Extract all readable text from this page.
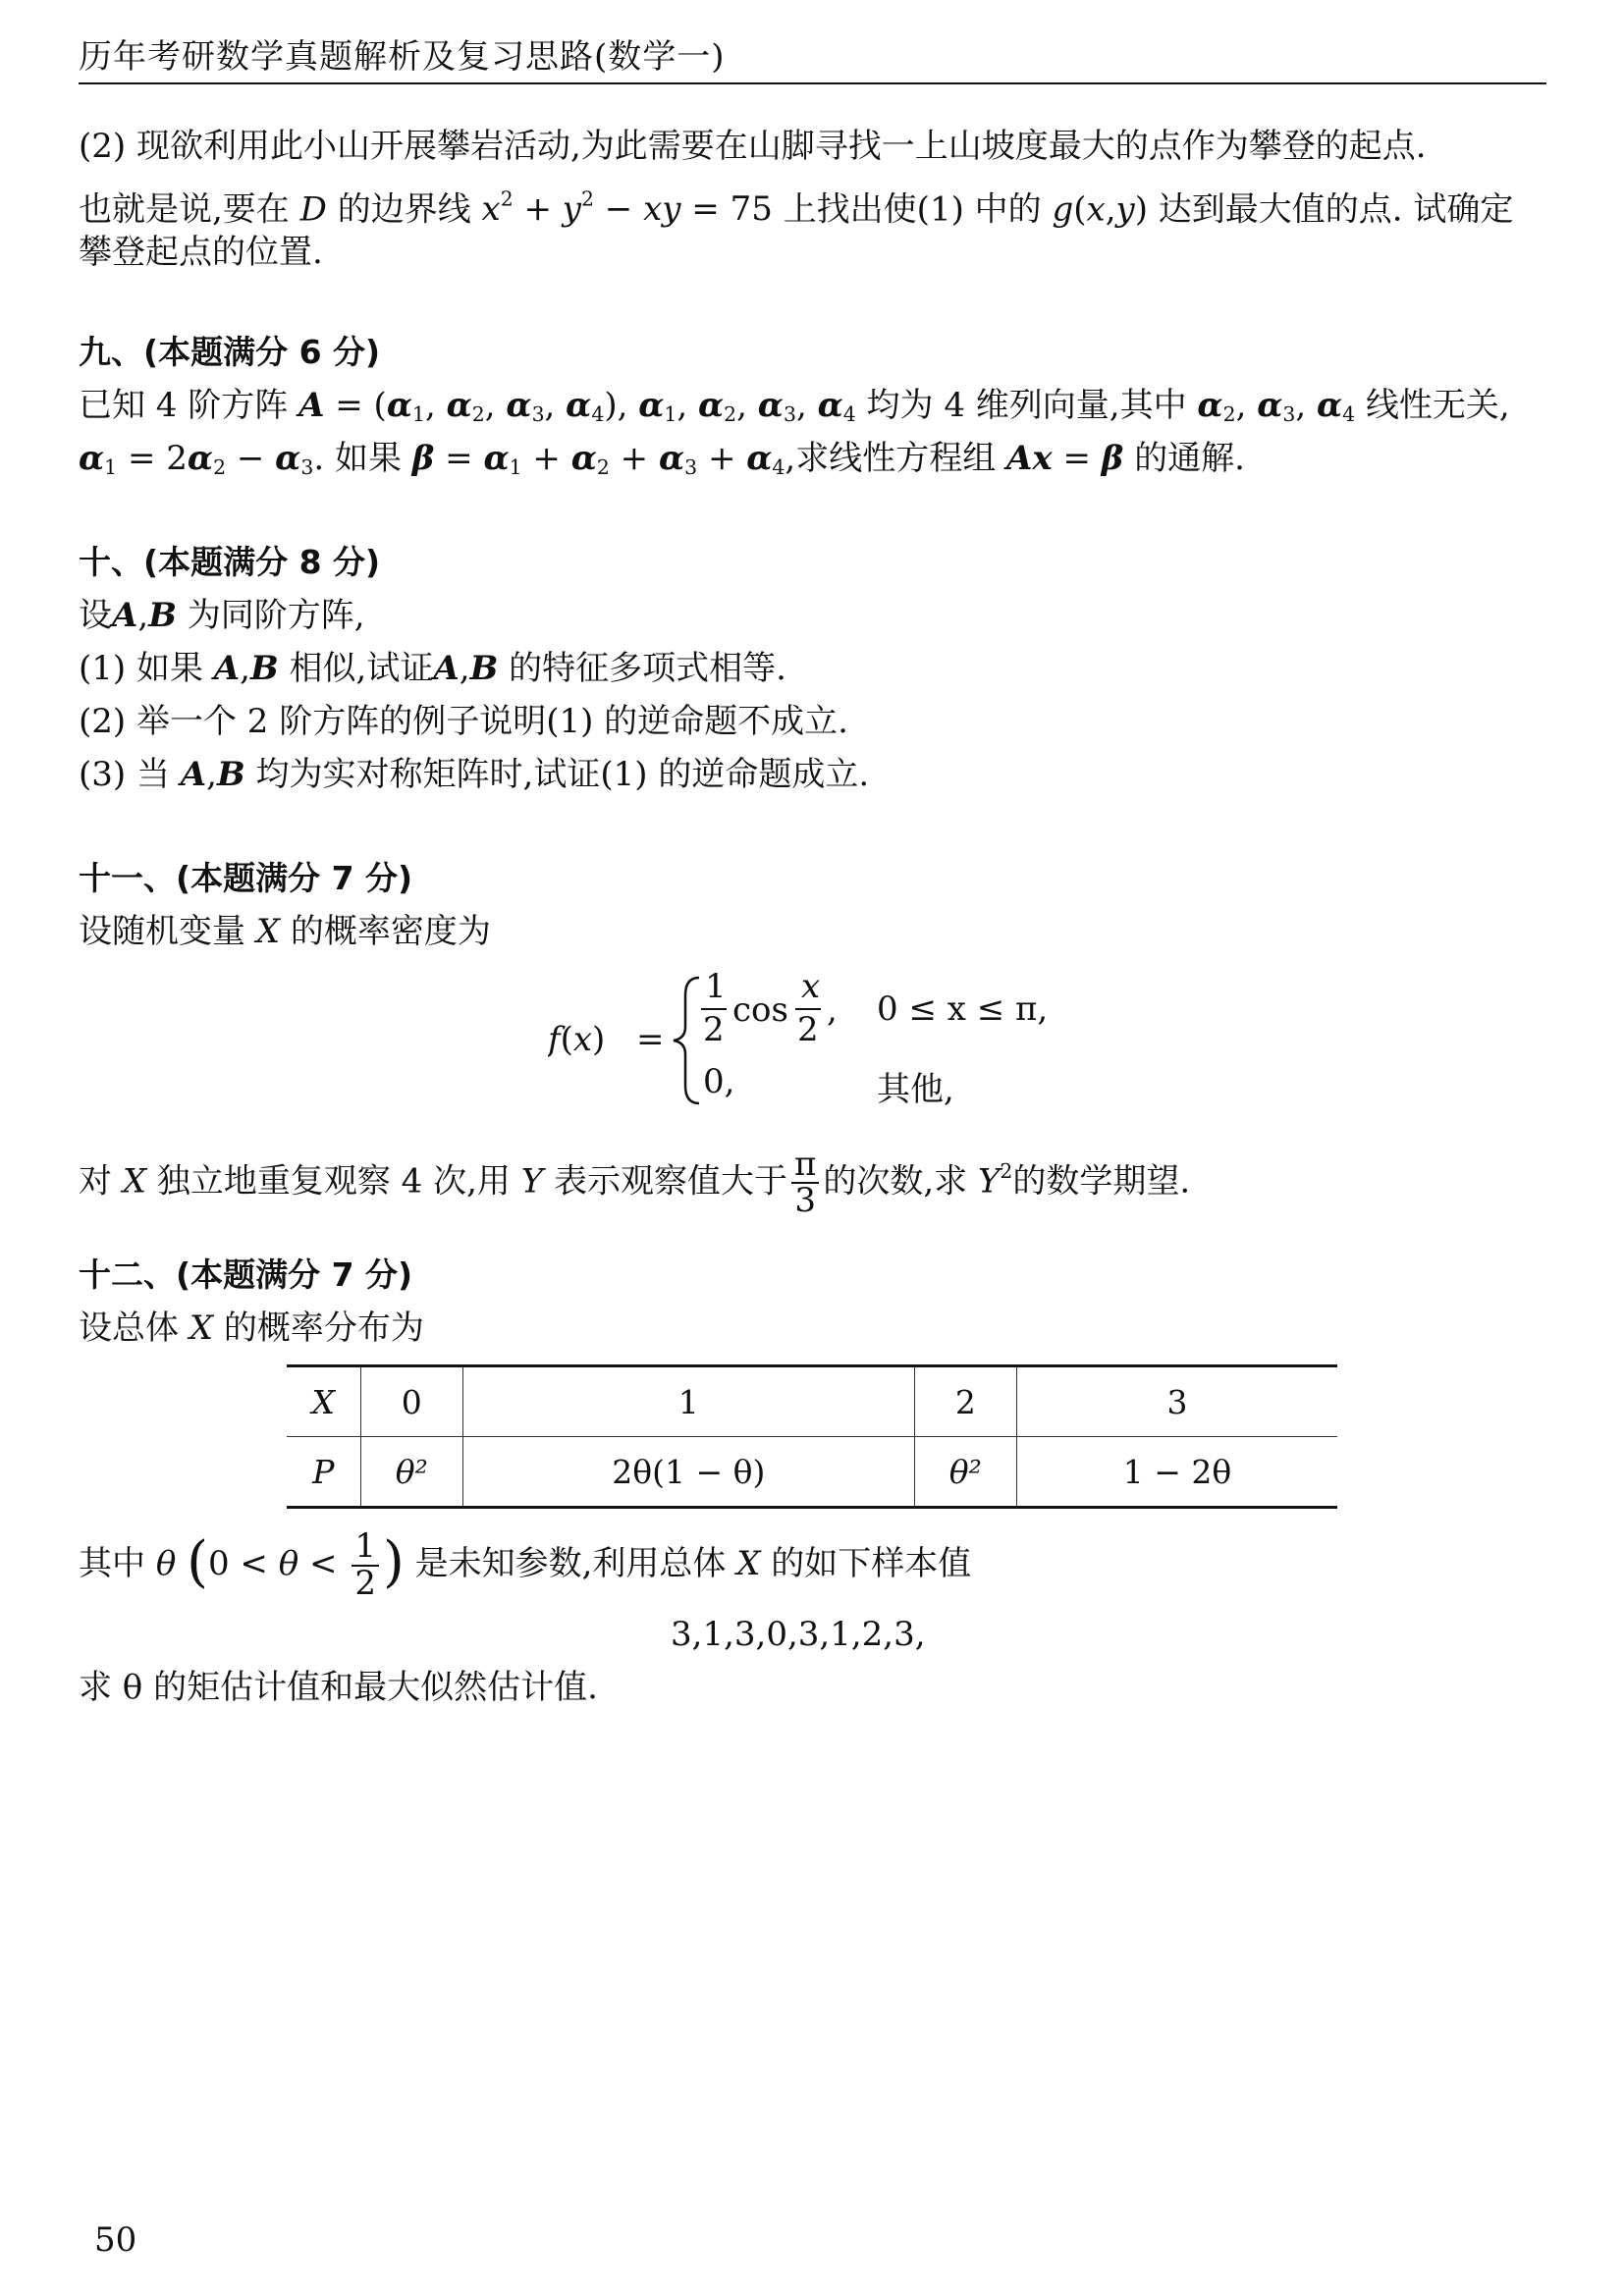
历年考研数学真题解析及复习思路(数学一)
(2) 现欲利用此小山开展攀岩活动,为此需要在山脚寻找一上山坡度最大的点作为攀登的起点.
也就是说,要在 D 的边界线 $x^2 + y^2$ − xy = 75 上找出使(1) 中的 g(x,y) 达到最大值的点. 试确定
攀登起点的位置.
九、(本题满分 6 分)
已知 4 阶方阵 $A = (\alpha_1$, $\alpha_2$, $\alpha_3$, $\alpha_4$), $\alpha_1$, $\alpha_2$, $\alpha_3$, $\alpha_4$ 均为 4 维列向量,其中 $\alpha_2$, $\alpha_3$, $\alpha_4$ 线性无关,
$\alpha_1 = 2\alpha_2 - \alpha_3$. 如果 $\beta = \alpha_1 + \alpha_2 + \alpha_3 + \alpha_4$,求线性方程组 Ax = β 的通解.
十、(本题满分 8 分)
设A,B 为同阶方阵,
(1) 如果 A,B 相似,试证A,B 的特征多项式相等.
(2) 举一个 2 阶方阵的例子说明(1) 的逆命题不成立.
(3) 当 A,B 均为实对称矩阵时,试证(1) 的逆命题成立.
十一、(本题满分 7 分)
设随机变量 X 的概率密度为
f(x) =
1
2 cos
x
2 , 0 ≤ x ≤ π,
0,	其他,
对 X 独立地重复观察 4 次,用 Y 表示观察值大于 $\frac{\pi}{3}$ 的次数,求 $Y^2$的数学期望.
十二、(本题满分 7 分)
设总体 X 的概率分布为
X	0	1	2	3
P	θ²	2θ(1 − θ)	θ²	1 − 2θ
其中 θ ($0 < \theta < \frac{1}{2}$ ) 是未知参数,利用总体 X 的如下样本值
3,1,3,0,3,1,2,3,
求 θ 的矩估计值和最大似然估计值.
50
